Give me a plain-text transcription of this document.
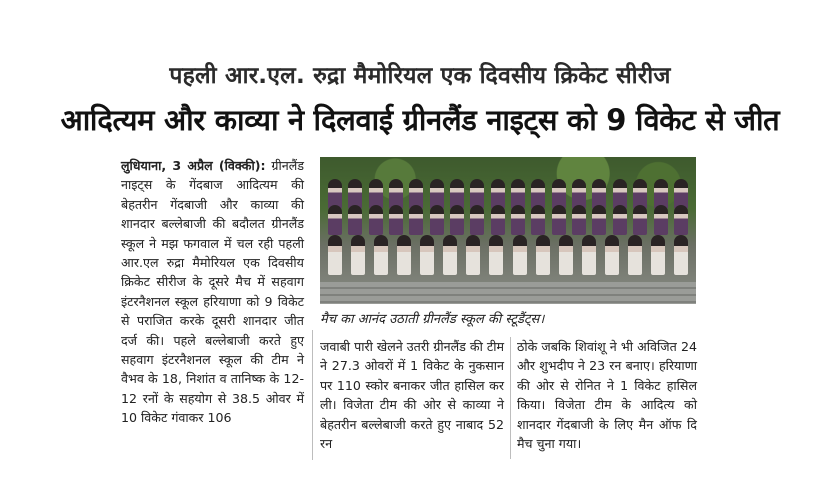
पहली आर.एल. रुद्रा मैमोरियल एक दिवसीय क्रिकेट सीरीज
आदित्यम और काव्या ने दिलवाई ग्रीनलैंड नाइट्स को 9 विकेट से जीत
लुधियाना, 3 अप्रैल (विक्की): ग्रीनलैंड नाइट्स के गेंदबाज आदित्यम की बेहतरीन गेंदबाजी और काव्या की शानदार बल्लेबाजी की बदौलत ग्रीनलैंड स्कूल ने मझ फगवाल में चल रही पहली आर.एल रुद्रा मैमोरियल एक दिवसीय क्रिकेट सीरीज के दूसरे मैच में सहवाग इंटरनैशनल स्कूल हरियाणा को 9 विकेट से पराजित करके दूसरी शानदार जीत दर्ज की। पहले बल्लेबाजी करते हुए सहवाग इंटरनैशनल स्कूल की टीम ने वैभव के 18, निशांत व तानिष्क के 12-12 रनों के सहयोग से 38.5 ओवर में 10 विकेट गंवाकर 106
मैच का आनंद उठाती ग्रीनलैंड स्कूल की स्टूडैंट्स।
जवाबी पारी खेलने उतरी ग्रीनलैंड की टीम ने 27.3 ओवरों में 1 विकेट के नुकसान पर 110 स्कोर बनाकर जीत हासिल कर ली। विजेता टीम की ओर से काव्या ने बेहतरीन बल्लेबाजी करते हुए नाबाद 52 रन
ठोके जबकि शिवांशू ने भी अविजित 24 और शुभदीप ने 23 रन बनाए। हरियाणा की ओर से रोनित ने 1 विकेट हासिल किया। विजेता टीम के आदित्य को शानदार गेंदबाजी के लिए मैन ऑफ दि मैच चुना गया।
